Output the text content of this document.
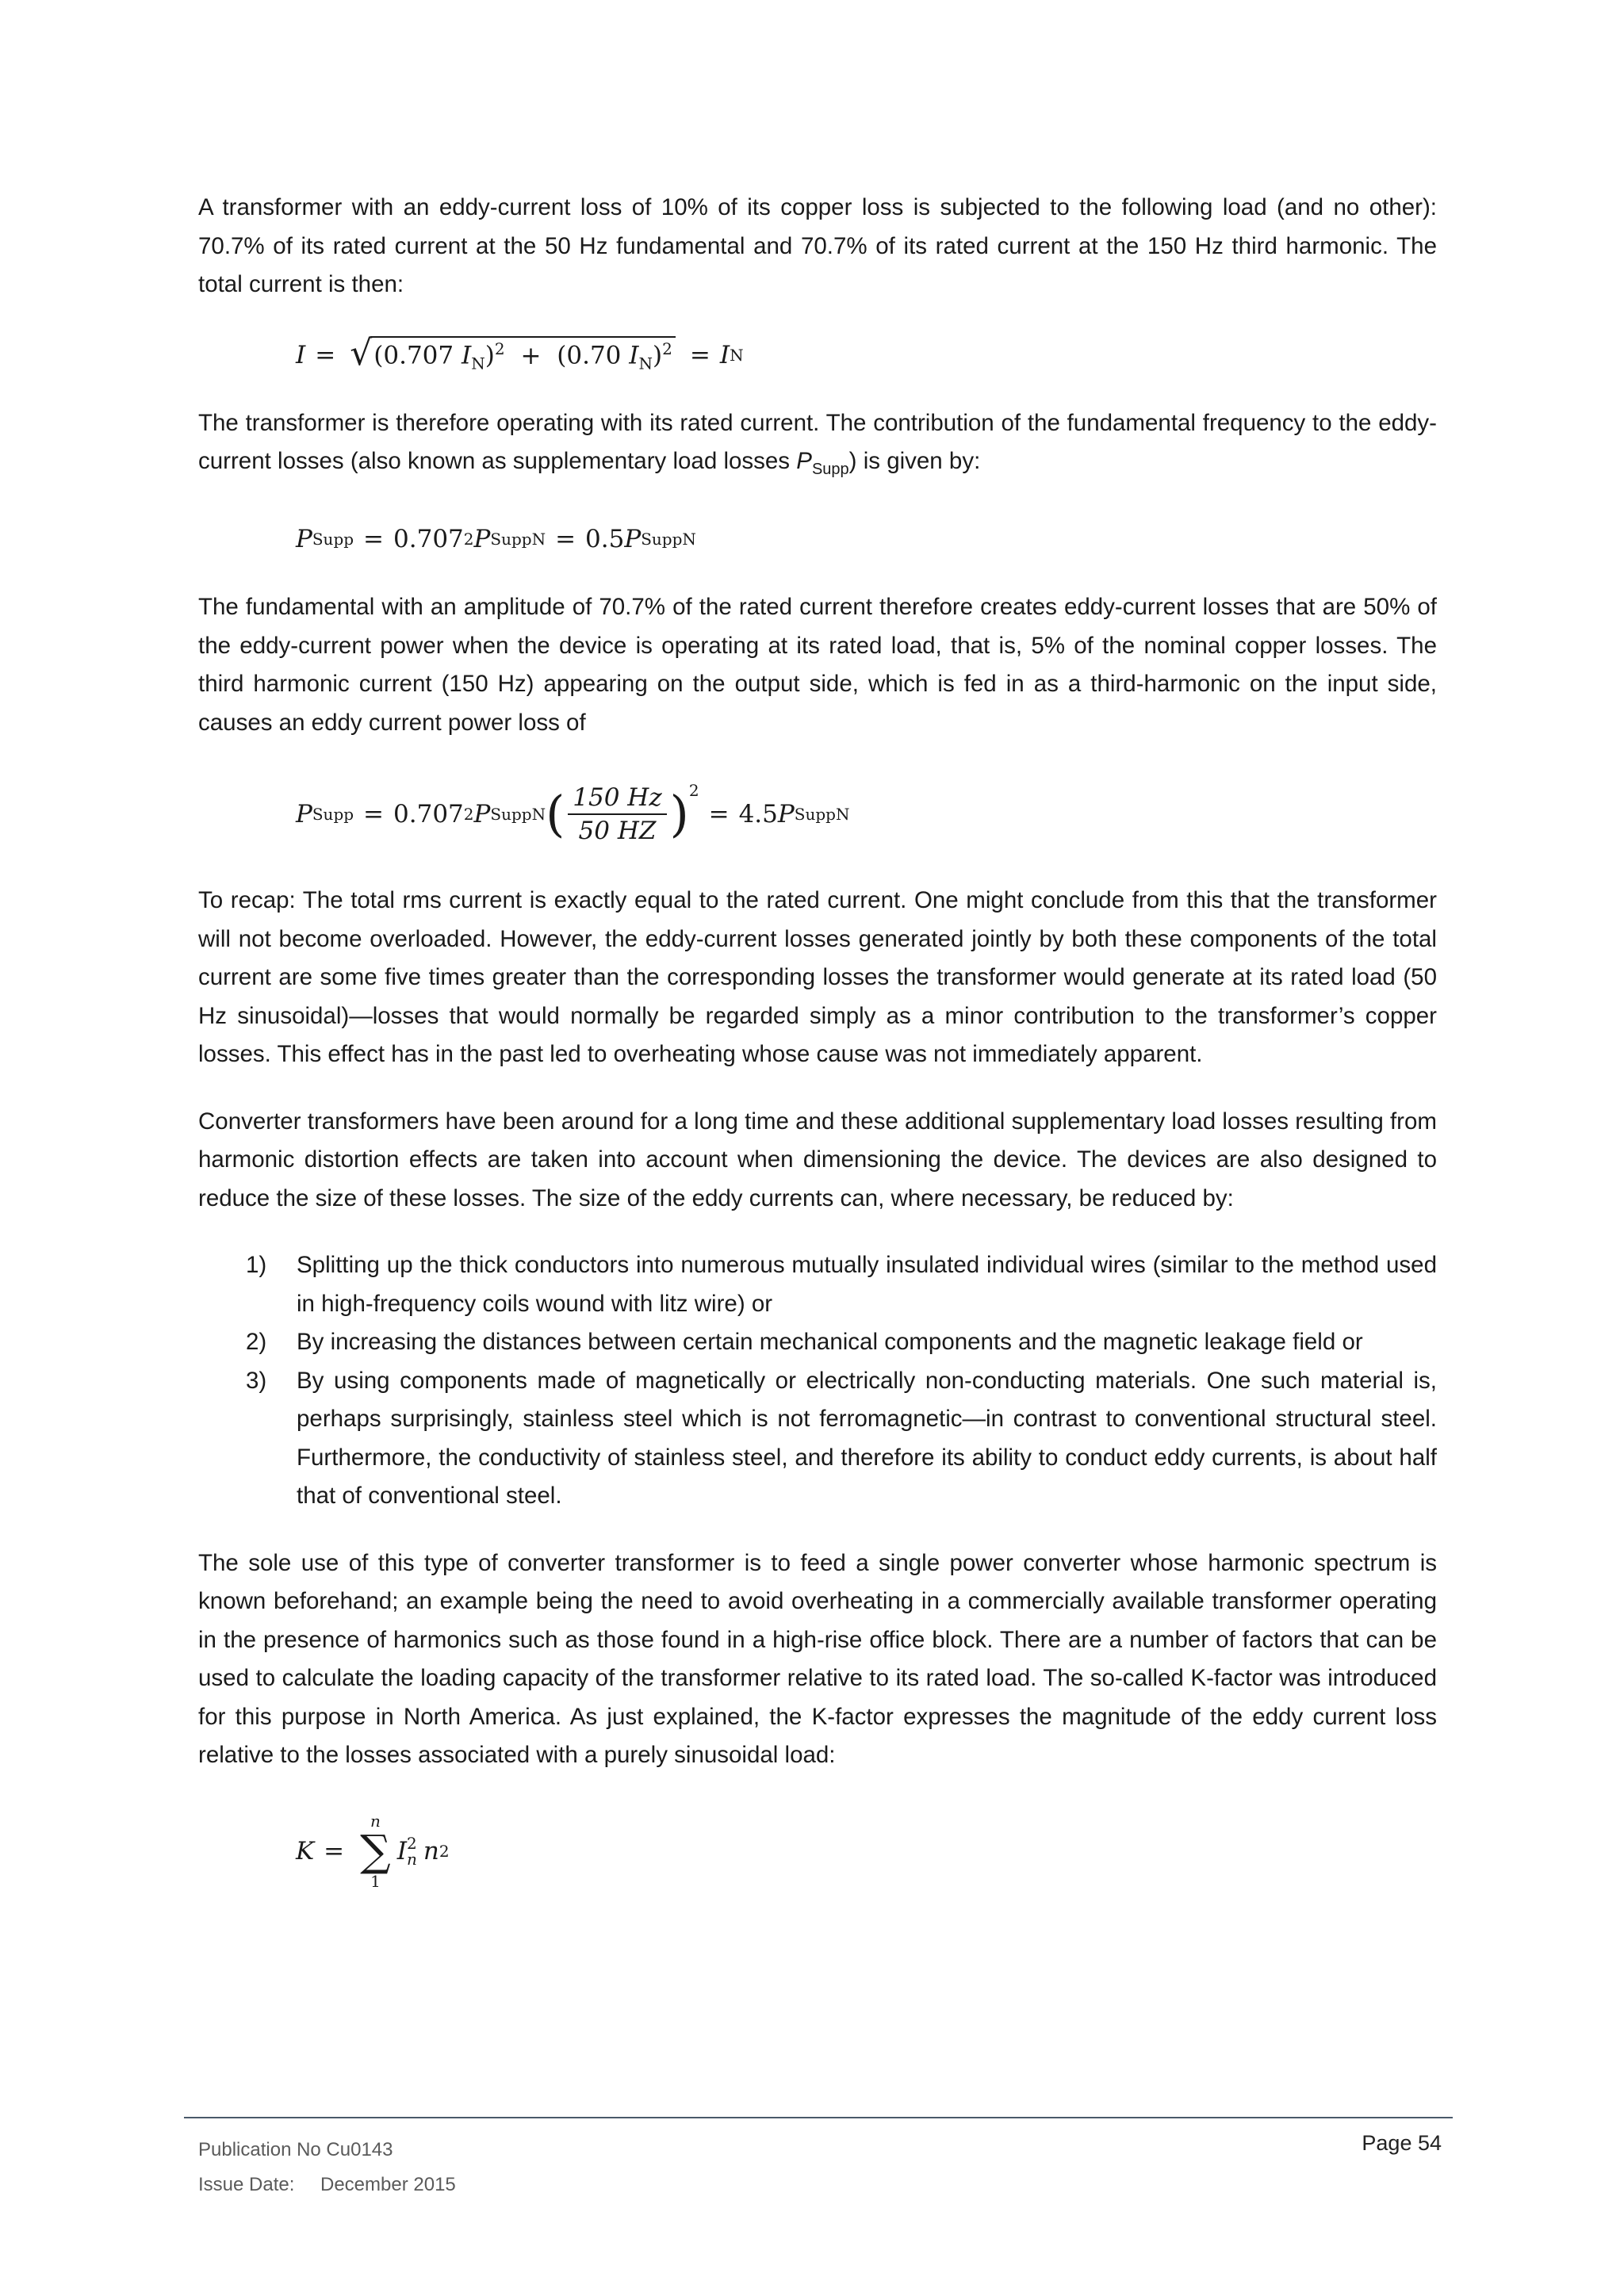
A transformer with an eddy-current loss of 10% of its copper loss is subjected to the following load (and no other): 70.7% of its rated current at the 50 Hz fundamental and 70.7% of its rated current at the 150 Hz third harmonic. The total current is then:

I = √ (0.707 $I_N)^2 + (0.70$ $I_N)^2 = I$ N

The transformer is therefore operating with its rated current. The contribution of the fundamental frequency to the eddy-current losses (also known as supplementary load losses $P_{Supp}$) is given by:

P Supp = 0.707 2 P SuppN = 0.5 P SuppN

The fundamental with an amplitude of 70.7% of the rated current therefore creates eddy-current losses that are 50% of the eddy-current power when the device is operating at its rated load, that is, 5% of the nominal copper losses. The third harmonic current (150 Hz) appearing on the output side, which is fed in as a third-harmonic on the input side, causes an eddy current power loss of

P Supp = 0.707 2 P SuppN ( $\frac{150 Hz}{50 HZ} )^2$
= 4.5 P SuppN

To recap: The total rms current is exactly equal to the rated current. One might conclude from this that the transformer will not become overloaded. However, the eddy-current losses generated jointly by both these components of the total current are some five times greater than the corresponding losses the transformer would generate at its rated load (50 Hz sinusoidal)—losses that would normally be regarded simply as a minor contribution to the transformer’s copper losses. This effect has in the past led to overheating whose cause was not immediately apparent.

Converter transformers have been around for a long time and these additional supplementary load losses resulting from harmonic distortion effects are taken into account when dimensioning the device. The devices are also designed to reduce the size of these losses. The size of the eddy currents can, where necessary, be reduced by:

1) Splitting up the thick conductors into numerous mutually insulated individual wires (similar to the method used in high-frequency coils wound with litz wire) or
2) By increasing the distances between certain mechanical components and the magnetic leakage field or
3) By using components made of magnetically or electrically non-conducting materials. One such material is, perhaps surprisingly, stainless steel which is not ferromagnetic—in contrast to conventional structural steel. Furthermore, the conductivity of stainless steel, and therefore its ability to conduct eddy currents, is about half that of conventional steel.

The sole use of this type of converter transformer is to feed a single power converter whose harmonic spectrum is known beforehand; an example being the need to avoid overheating in a commercially available transformer operating in the presence of harmonics such as those found in a high-rise office block. There are a number of factors that can be used to calculate the loading capacity of the transformer relative to its rated load. The so-called K-factor was introduced for this purpose in North America. As just explained, the K-factor expresses the magnitude of the eddy current loss relative to the losses associated with a purely sinusoidal load:

K =
n
∑
1
I 2
n n 2
Publication No Cu0143
Issue Date: December 2015
Page 54
